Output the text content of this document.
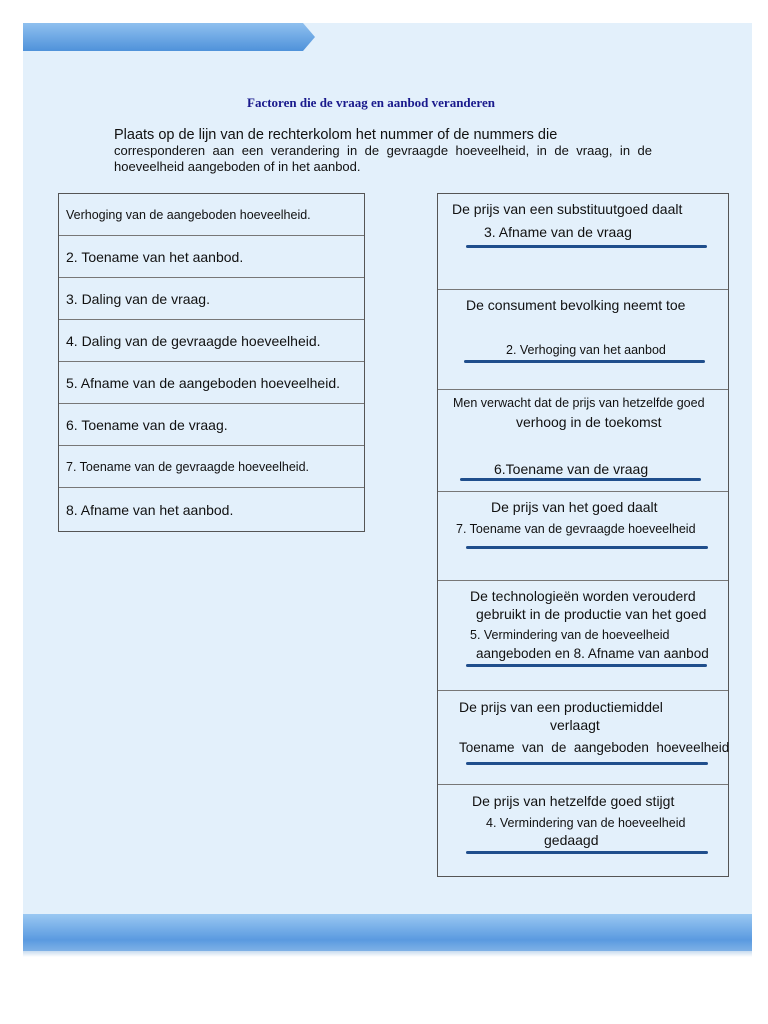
Factoren die de vraag en aanbod veranderen
Plaats op de lijn van de rechterkolom het nummer of de nummers die
corresponderen aan een verandering in de gevraagde hoeveelheid, in de vraag, in de hoeveelheid aangeboden of in het aanbod.
Verhoging van de aangeboden hoeveelheid.
2. Toename van het aanbod.
3. Daling van de vraag.
4. Daling van de gevraagde hoeveelheid.
5. Afname van de aangeboden hoeveelheid.
6. Toename van de vraag.
7. Toename van de gevraagde hoeveelheid.
8. Afname van het aanbod.
De prijs van een substituutgoed daalt
3. Afname van de vraag
De consument bevolking neemt toe
2. Verhoging van het aanbod
Men verwacht dat de prijs van hetzelfde goed
verhoog in de toekomst
6.Toename van de vraag
De prijs van het goed daalt
7. Toename van de gevraagde hoeveelheid
De technologieën worden verouderd
gebruikt in de productie van het goed
5. Vermindering van de hoeveelheid
aangeboden en 8. Afname van aanbod
De prijs van een productiemiddel
verlaagt
Toename  van  de  aangeboden  hoeveelheid
De prijs van hetzelfde goed stijgt
4. Vermindering van de hoeveelheid
gedaagd
